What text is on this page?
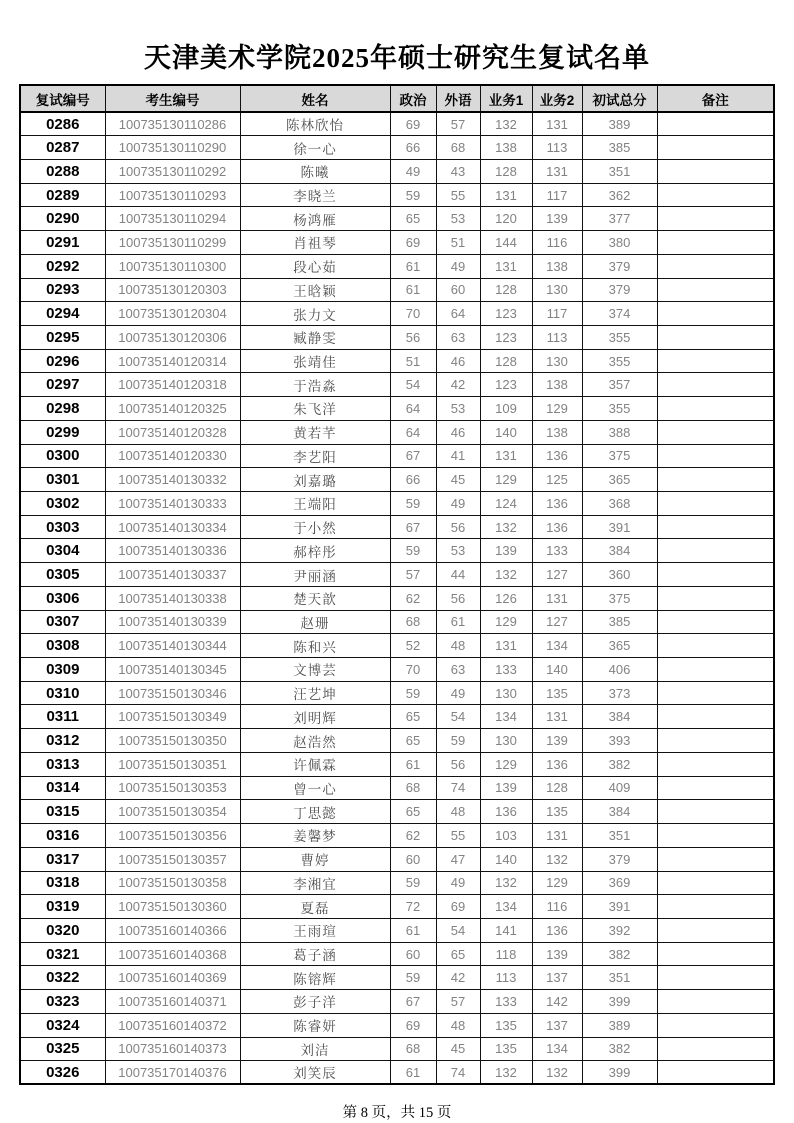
天津美术学院2025年硕士研究生复试名单
复试编号	考生编号	姓名	政治	外语	业务1	业务2	初试总分	备注
0286	100735130110286	陈林欣怡	69	57	132	131	389	
0287	100735130110290	徐一心	66	68	138	113	385	
0288	100735130110292	陈曦	49	43	128	131	351	
0289	100735130110293	李晓兰	59	55	131	117	362	
0290	100735130110294	杨鸿雁	65	53	120	139	377	
0291	100735130110299	肖祖琴	69	51	144	116	380	
0292	100735130110300	段心茹	61	49	131	138	379	
0293	100735130120303	王晗颖	61	60	128	130	379	
0294	100735130120304	张力文	70	64	123	117	374	
0295	100735130120306	臧静雯	56	63	123	113	355	
0296	100735140120314	张靖佳	51	46	128	130	355	
0297	100735140120318	于浩淼	54	42	123	138	357	
0298	100735140120325	朱飞洋	64	53	109	129	355	
0299	100735140120328	黄若芊	64	46	140	138	388	
0300	100735140120330	李艺阳	67	41	131	136	375	
0301	100735140130332	刘嘉璐	66	45	129	125	365	
0302	100735140130333	王端阳	59	49	124	136	368	
0303	100735140130334	于小然	67	56	132	136	391	
0304	100735140130336	郝梓彤	59	53	139	133	384	
0305	100735140130337	尹丽涵	57	44	132	127	360	
0306	100735140130338	楚天歆	62	56	126	131	375	
0307	100735140130339	赵珊	68	61	129	127	385	
0308	100735140130344	陈和兴	52	48	131	134	365	
0309	100735140130345	文博芸	70	63	133	140	406	
0310	100735150130346	汪艺坤	59	49	130	135	373	
0311	100735150130349	刘明辉	65	54	134	131	384	
0312	100735150130350	赵浩然	65	59	130	139	393	
0313	100735150130351	许佩霖	61	56	129	136	382	
0314	100735150130353	曾一心	68	74	139	128	409	
0315	100735150130354	丁思懿	65	48	136	135	384	
0316	100735150130356	姜馨梦	62	55	103	131	351	
0317	100735150130357	曹婷	60	47	140	132	379	
0318	100735150130358	李湘宜	59	49	132	129	369	
0319	100735150130360	夏磊	72	69	134	116	391	
0320	100735160140366	王雨瑄	61	54	141	136	392	
0321	100735160140368	葛子涵	60	65	118	139	382	
0322	100735160140369	陈镕辉	59	42	113	137	351	
0323	100735160140371	彭子洋	67	57	133	142	399	
0324	100735160140372	陈睿妍	69	48	135	137	389	
0325	100735160140373	刘洁	68	45	135	134	382	
0326	100735170140376	刘笑辰	61	74	132	132	399	
第 8 页，共 15 页
